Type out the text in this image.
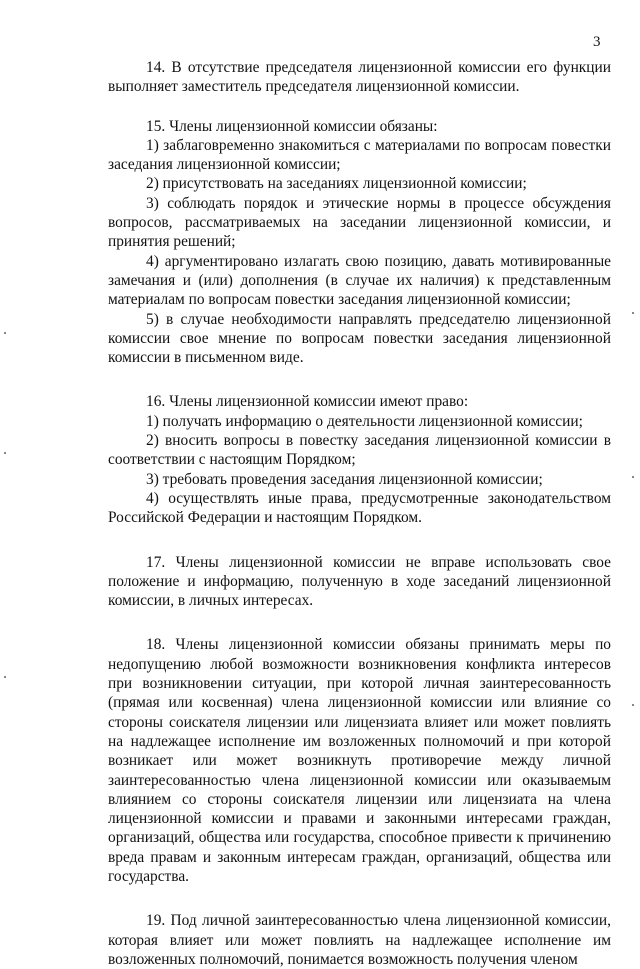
3

14. В отсутствие председателя лицензионной комиссии его функции выполняет заместитель председателя лицензионной комиссии.

15. Члены лицензионной комиссии обязаны:

1) заблаговременно знакомиться с материалами по вопросам повестки заседания лицензионной комиссии;

2) присутствовать на заседаниях лицензионной комиссии;

3) соблюдать порядок и этические нормы в процессе обсуждения вопросов, рассматриваемых на заседании лицензионной комиссии, и принятия решений;

4) аргументировано излагать свою позицию, давать мотивированные замечания и (или) дополнения (в случае их наличия) к представленным материалам по вопросам повестки заседания лицензионной комиссии;

5) в случае необходимости направлять председателю лицензионной комиссии свое мнение по вопросам повестки заседания лицензионной комиссии в письменном виде.

16. Члены лицензионной комиссии имеют право:

1) получать информацию о деятельности лицензионной комиссии;

2) вносить вопросы в повестку заседания лицензионной комиссии в соответствии с настоящим Порядком;

3) требовать проведения заседания лицензионной комиссии;

4) осуществлять иные права, предусмотренные законодательством Российской Федерации и настоящим Порядком.

17. Члены лицензионной комиссии не вправе использовать свое положение и информацию, полученную в ходе заседаний лицензионной комиссии, в личных интересах.

18. Члены лицензионной комиссии обязаны принимать меры по недопущению любой возможности возникновения конфликта интересов при возникновении ситуации, при которой личная заинтересованность (прямая или косвенная) члена лицензионной комиссии или влияние со стороны соискателя лицензии или лицензиата влияет или может повлиять на надлежащее исполнение им возложенных полномочий и при которой возникает или может возникнуть противоречие между личной заинтересованностью члена лицензионной комиссии или оказываемым влиянием со стороны соискателя лицензии или лицензиата на члена лицензионной комиссии и правами и законными интересами граждан, организаций, общества или государства, способное привести к причинению вреда правам и законным интересам граждан, организаций, общества или государства.

19. Под личной заинтересованностью члена лицензионной комиссии, которая влияет или может повлиять на надлежащее исполнение им возложенных полномочий, понимается возможность получения членом
